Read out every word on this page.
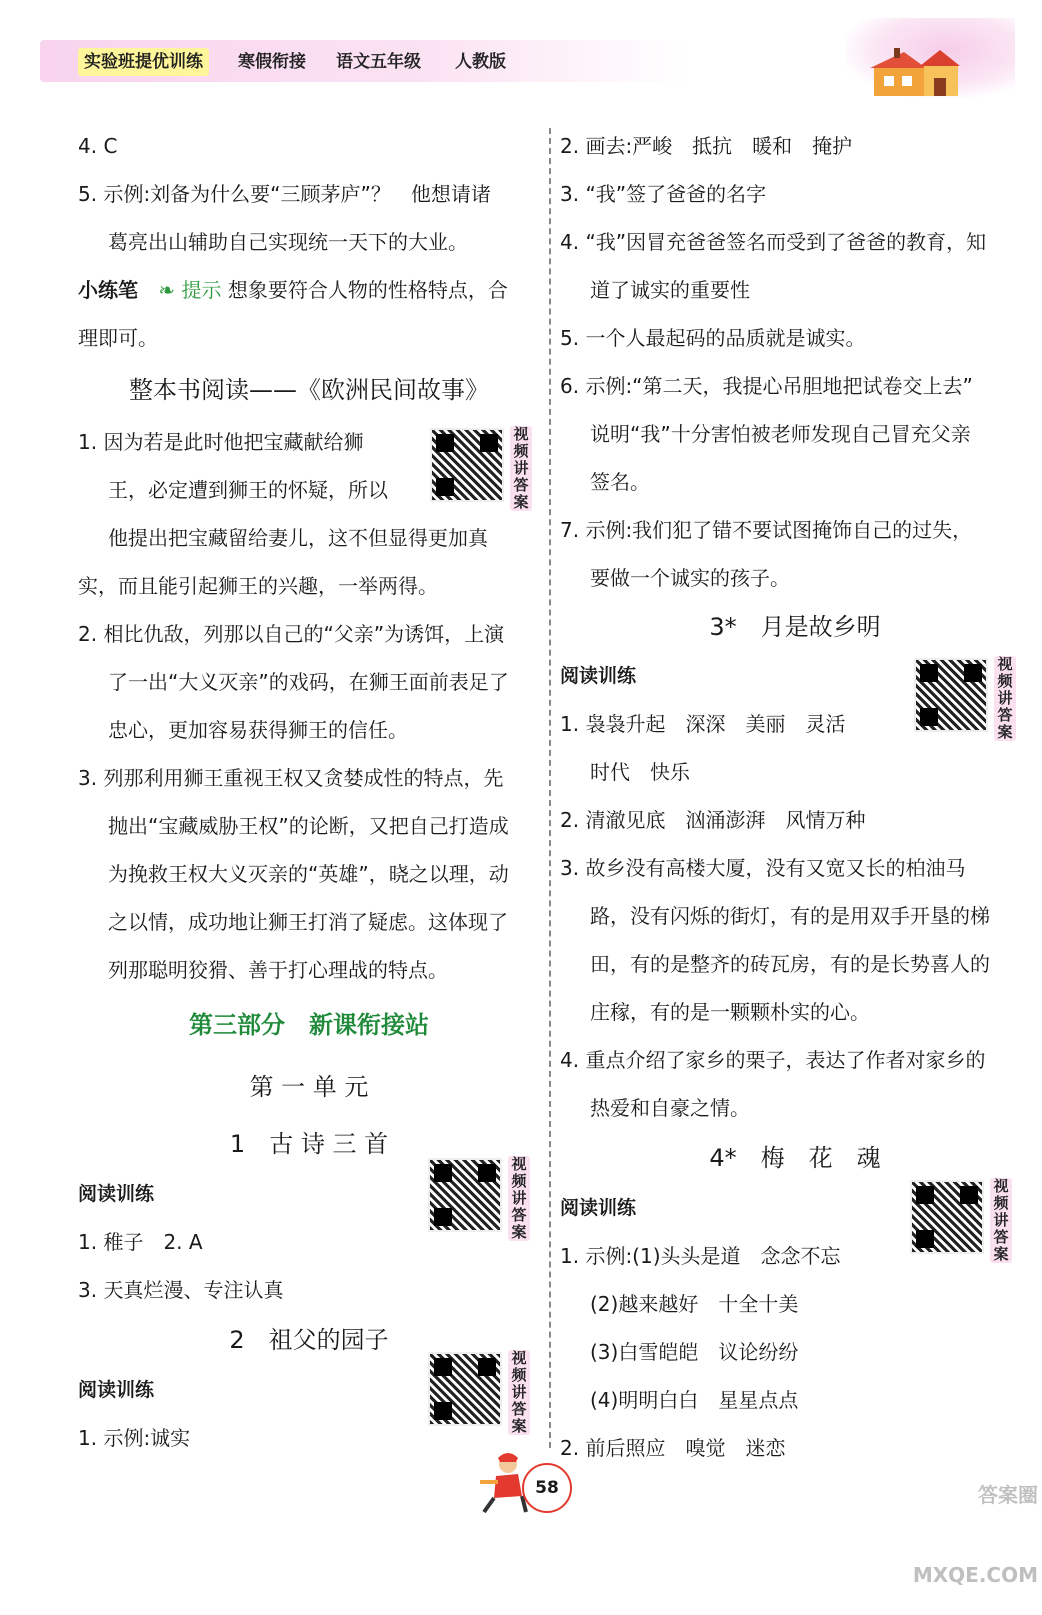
实验班提优训练	寒假衔接 语文五年级 人教版
4. C
5. 示例:刘备为什么要“三顾茅庐”？　他想请诸
葛亮出山辅助自己实现统一天下的大业。
小练笔 ❧ 提示 想象要符合人物的性格特点，合
理即可。
整本书阅读——《欧洲民间故事》
1. 因为若是此时他把宝藏献给狮
王，必定遭到狮王的怀疑，所以
他提出把宝藏留给妻儿，这不但显得更加真
实，而且能引起狮王的兴趣，一举两得。
2. 相比仇敌，列那以自己的“父亲”为诱饵，上演
了一出“大义灭亲”的戏码，在狮王面前表足了
忠心，更加容易获得狮王的信任。
3. 列那利用狮王重视王权又贪婪成性的特点，先
抛出“宝藏威胁王权”的论断，又把自己打造成
为挽救王权大义灭亲的“英雄”，晓之以理，动
之以情，成功地让狮王打消了疑虑。这体现了
列那聪明狡猾、善于打心理战的特点。
第三部分　新课衔接站
第 一 单 元
1　古 诗 三 首
阅读训练
1. 稚子　2. A
3. 天真烂漫、专注认真
2　祖父的园子
阅读训练
1. 示例:诚实
2. 画去:严峻　抵抗　暖和　掩护
3. “我”签了爸爸的名字
4. “我”因冒充爸爸签名而受到了爸爸的教育，知
道了诚实的重要性
5. 一个人最起码的品质就是诚实。
6. 示例:“第二天，我提心吊胆地把试卷交上去”
说明“我”十分害怕被老师发现自己冒充父亲
签名。
7. 示例:我们犯了错不要试图掩饰自己的过失，
要做一个诚实的孩子。
3*　月是故乡明
阅读训练
1. 袅袅升起　深深　美丽　灵活
时代　快乐
2. 清澈见底　汹涌澎湃　风情万种
3. 故乡没有高楼大厦，没有又宽又长的柏油马
路，没有闪烁的街灯，有的是用双手开垦的梯
田，有的是整齐的砖瓦房，有的是长势喜人的
庄稼，有的是一颗颗朴实的心。
4. 重点介绍了家乡的栗子，表达了作者对家乡的
热爱和自豪之情。
4*　梅　花　魂
阅读训练
1. 示例:(1)头头是道　念念不忘
(2)越来越好　十全十美
(3)白雪皑皑　议论纷纷
(4)明明白白　星星点点
2. 前后照应　嗅觉　迷恋
视频讲答案
视频讲答案
视频讲答案
视频讲答案
视频讲答案
58	答案圈 MXQE.COM
